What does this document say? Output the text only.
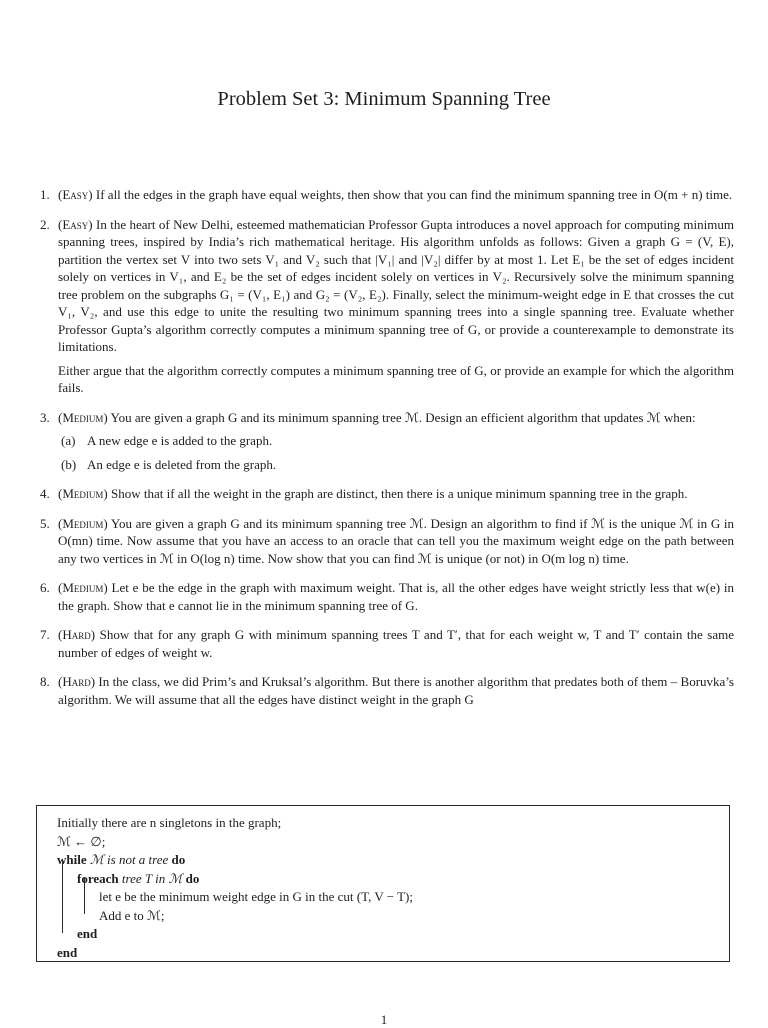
Problem Set 3: Minimum Spanning Tree
1. (Easy) If all the edges in the graph have equal weights, then show that you can find the minimum spanning tree in O(m + n) time.

2. (Easy) In the heart of New Delhi, esteemed mathematician Professor Gupta introduces a novel approach for computing minimum spanning trees, inspired by India’s rich mathematical heritage. His algorithm unfolds as follows: Given a graph G = (V, E), partition the vertex set V into two sets V₁ and V₂ such that |V₁| and |V₂| differ by at most 1. Let E₁ be the set of edges incident solely on vertices in V₁, and E₂ be the set of edges incident solely on vertices in V₂. Recursively solve the minimum spanning tree problem on the subgraphs G₁ = (V₁, E₁) and G₂ = (V₂, E₂). Finally, select the minimum-weight edge in E that crosses the cut V₁, V₂, and use this edge to unite the resulting two minimum spanning trees into a single spanning tree. Evaluate whether Professor Gupta’s algorithm correctly computes a minimum spanning tree of G, or provide a counterexample to demonstrate its limitations.

Either argue that the algorithm correctly computes a minimum spanning tree of G, or provide an example for which the algorithm fails.

3. (Medium) You are given a graph G and its minimum spanning tree ℳ. Design an efficient algorithm that updates ℳ when:

(a) A new edge e is added to the graph.
(b) An edge e is deleted from the graph.
4. (Medium) Show that if all the weight in the graph are distinct, then there is a unique minimum spanning tree in the graph.

5. (Medium) You are given a graph G and its minimum spanning tree ℳ. Design an algorithm to find if ℳ is the unique ℳ in G in O(mn) time. Now assume that you have an access to an oracle that can tell you the maximum weight edge on the path between any two vertices in ℳ in O(log n) time. Now show that you can find ℳ is unique (or not) in O(m log n) time.

6. (Medium) Let e be the edge in the graph with maximum weight. That is, all the other edges have weight strictly less that w(e) in the graph. Show that e cannot lie in the minimum spanning tree of G.

7. (Hard) Show that for any graph G with minimum spanning trees T and T′, that for each weight w, T and T′ contain the same number of edges of weight w.

8. (Hard) In the class, we did Prim’s and Kruksal’s algorithm. But there is another algorithm that predates both of them – Boruvka’s algorithm. We will assume that all the edges have distinct weight in the graph G

Initially there are n singletons in the graph;
ℳ ← ∅;
while ℳ is not a tree do
foreach tree T in ℳ do
let e be the minimum weight edge in G in the cut (T, V − T);
Add e to ℳ;
end
end
1
